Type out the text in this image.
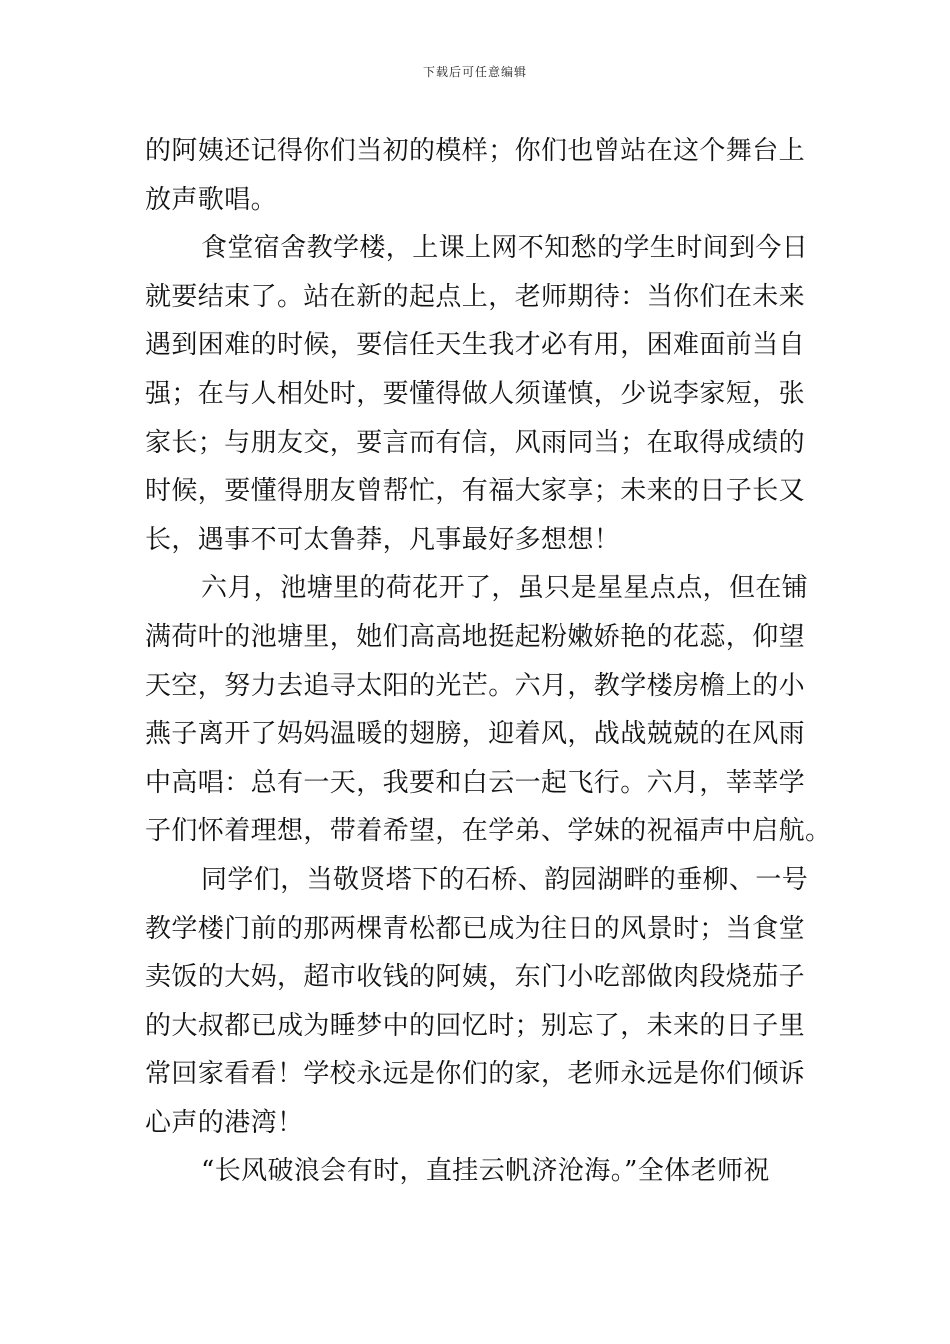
下载后可任意编辑
的阿姨还记得你们当初的模样；你们也曾站在这个舞台上
放声歌唱。
食堂宿舍教学楼，上课上网不知愁的学生时间到今日
就要结束了。站在新的起点上，老师期待：当你们在未来
遇到困难的时候，要信任天生我才必有用，困难面前当自
强；在与人相处时，要懂得做人须谨慎，少说李家短，张
家长；与朋友交，要言而有信，风雨同当；在取得成绩的
时候，要懂得朋友曾帮忙，有福大家享；未来的日子长又
长，遇事不可太鲁莽，凡事最好多想想！
六月，池塘里的荷花开了，虽只是星星点点，但在铺
满荷叶的池塘里，她们高高地挺起粉嫩娇艳的花蕊，仰望
天空，努力去追寻太阳的光芒。六月，教学楼房檐上的小
燕子离开了妈妈温暖的翅膀，迎着风，战战兢兢的在风雨
中高唱：总有一天，我要和白云一起飞行。六月，莘莘学
子们怀着理想，带着希望，在学弟、学妹的祝福声中启航。
同学们，当敬贤塔下的石桥、韵园湖畔的垂柳、一号
教学楼门前的那两棵青松都已成为往日的风景时；当食堂
卖饭的大妈，超市收钱的阿姨，东门小吃部做肉段烧茄子
的大叔都已成为睡梦中的回忆时；别忘了，未来的日子里
常回家看看！学校永远是你们的家，老师永远是你们倾诉
心声的港湾！
“长风破浪会有时，直挂云帆济沧海。”全体老师祝
